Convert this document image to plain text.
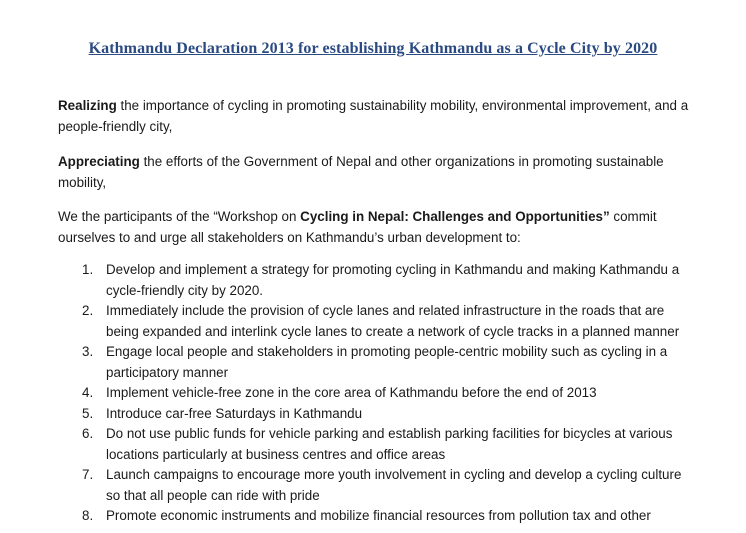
Kathmandu Declaration 2013 for establishing Kathmandu as a Cycle City by 2020
Realizing the importance of cycling in promoting sustainability mobility, environmental improvement, and a people-friendly city,
Appreciating the efforts of the Government of Nepal and other organizations in promoting sustainable mobility,
We the participants of the “Workshop on Cycling in Nepal: Challenges and Opportunities” commit ourselves to and urge all stakeholders on Kathmandu’s urban development to:
1. Develop and implement a strategy for promoting cycling in Kathmandu and making Kathmandu a cycle-friendly city by 2020.
2. Immediately include the provision of cycle lanes and related infrastructure in the roads that are being expanded and interlink cycle lanes to create a network of cycle tracks in a planned manner
3. Engage local people and stakeholders in promoting people-centric mobility such as cycling in a participatory manner
4. Implement vehicle-free zone in the core area of Kathmandu before the end of 2013
5. Introduce car-free Saturdays in Kathmandu
6. Do not use public funds for vehicle parking and establish parking facilities for bicycles at various locations particularly at business centres and office areas
7. Launch campaigns to encourage more youth involvement in cycling and develop a cycling culture so that all people can ride with pride
8. Promote economic instruments and mobilize financial resources from pollution tax and other
